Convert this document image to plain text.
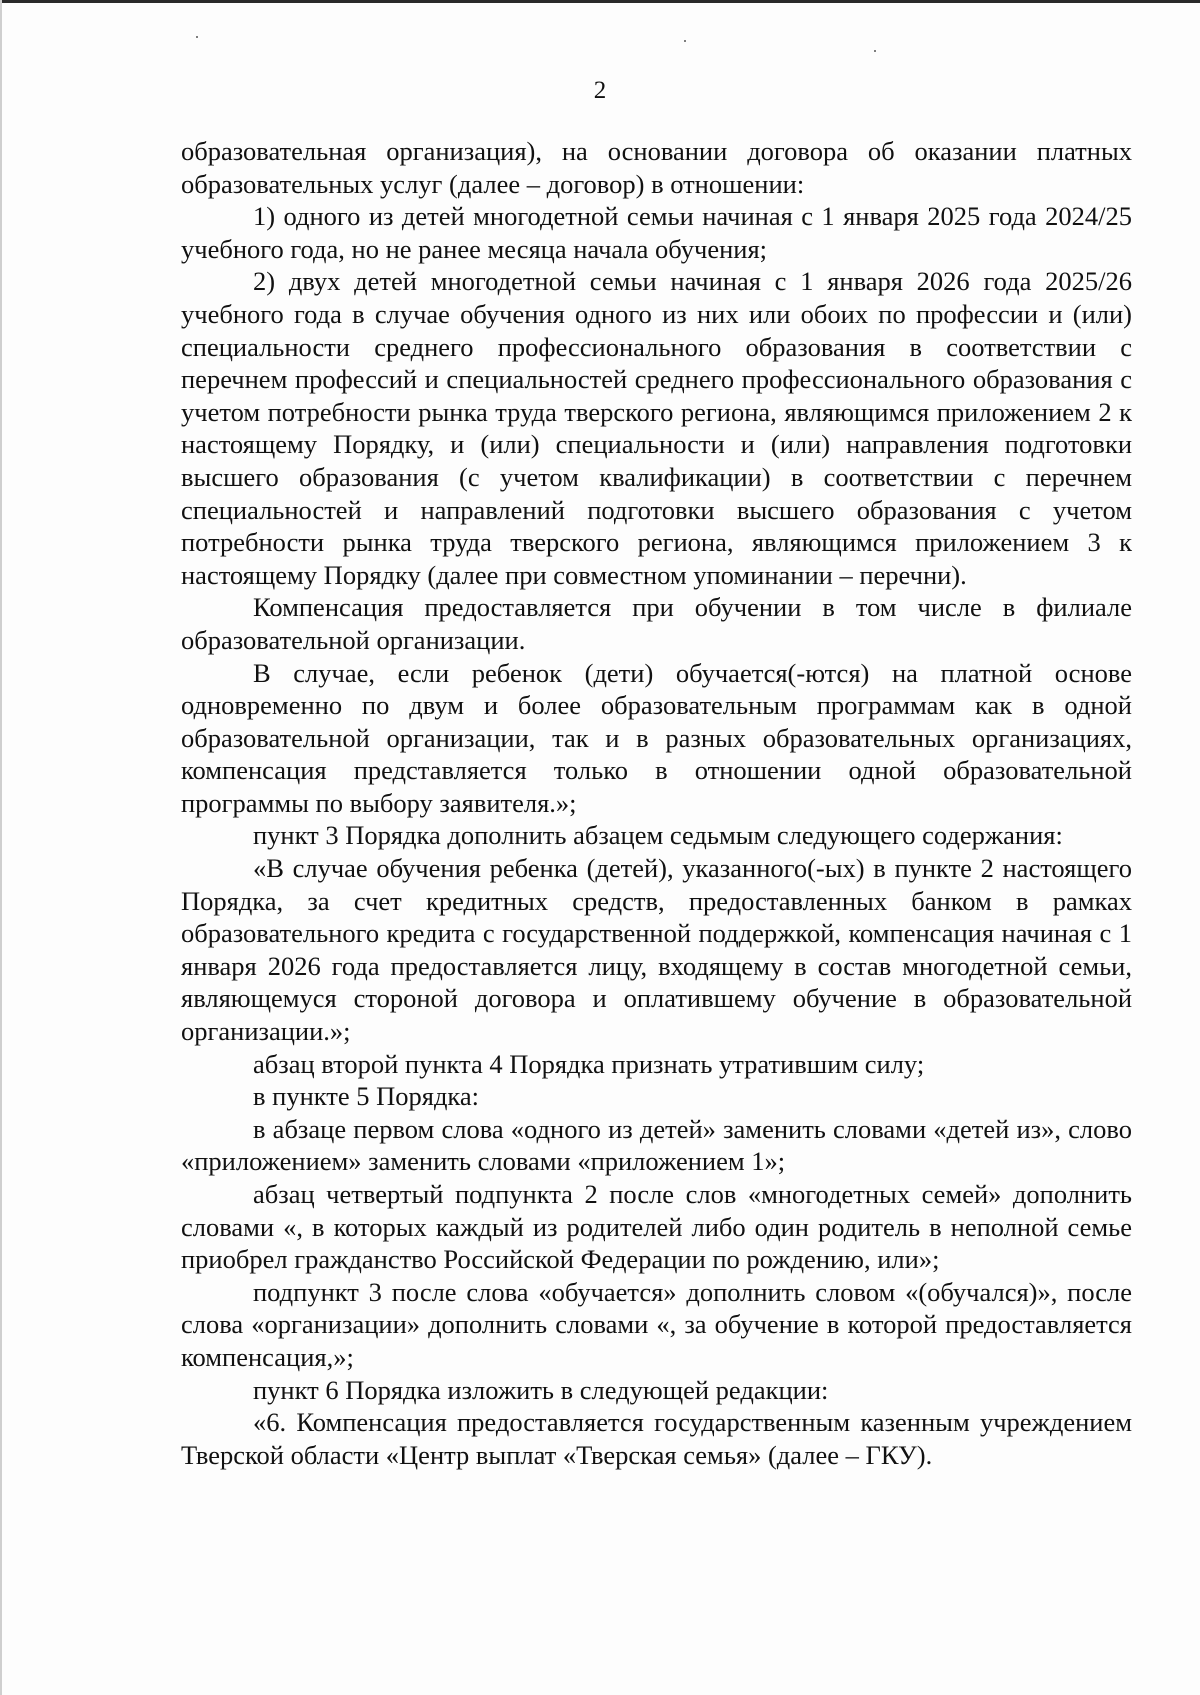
2

образовательная организация), на основании договора об оказании платных образовательных услуг (далее – договор) в отношении:

1) одного из детей многодетной семьи начиная с 1 января 2025 года 2024/25 учебного года, но не ранее месяца начала обучения;

2) двух детей многодетной семьи начиная с 1 января 2026 года 2025/26 учебного года в случае обучения одного из них или обоих по профессии и (или) специальности среднего профессионального образования в соответствии с перечнем профессий и специальностей среднего профессионального образования с учетом потребности рынка труда тверского региона, являющимся приложением 2 к настоящему Порядку, и (или) специальности и (или) направления подготовки высшего образования (с учетом квалификации) в соответствии с перечнем специальностей и направлений подготовки высшего образования с учетом потребности рынка труда тверского региона, являющимся приложением 3 к настоящему Порядку (далее при совместном упоминании – перечни).

Компенсация предоставляется при обучении в том числе в филиале образовательной организации.

В случае, если ребенок (дети) обучается(-ются) на платной основе одновременно по двум и более образовательным программам как в одной образовательной организации, так и в разных образовательных организациях, компенсация представляется только в отношении одной образовательной программы по выбору заявителя.»;

пункт 3 Порядка дополнить абзацем седьмым следующего содержания:

«В случае обучения ребенка (детей), указанного(-ых) в пункте 2 настоящего Порядка, за счет кредитных средств, предоставленных банком в рамках образовательного кредита с государственной поддержкой, компенсация начиная с 1 января 2026 года предоставляется лицу, входящему в состав многодетной семьи, являющемуся стороной договора и оплатившему обучение в образовательной организации.»;

абзац второй пункта 4 Порядка признать утратившим силу;

в пункте 5 Порядка:

в абзаце первом слова «одного из детей» заменить словами «детей из», слово «приложением» заменить словами «приложением 1»;

абзац четвертый подпункта 2 после слов «многодетных семей» дополнить словами «, в которых каждый из родителей либо один родитель в неполной семье приобрел гражданство Российской Федерации по рождению, или»;

подпункт 3 после слова «обучается» дополнить словом «(обучался)», после слова «организации» дополнить словами «, за обучение в которой предоставляется компенсация,»;

пункт 6 Порядка изложить в следующей редакции:

«6. Компенсация предоставляется государственным казенным учреждением Тверской области «Центр выплат «Тверская семья» (далее – ГКУ).
